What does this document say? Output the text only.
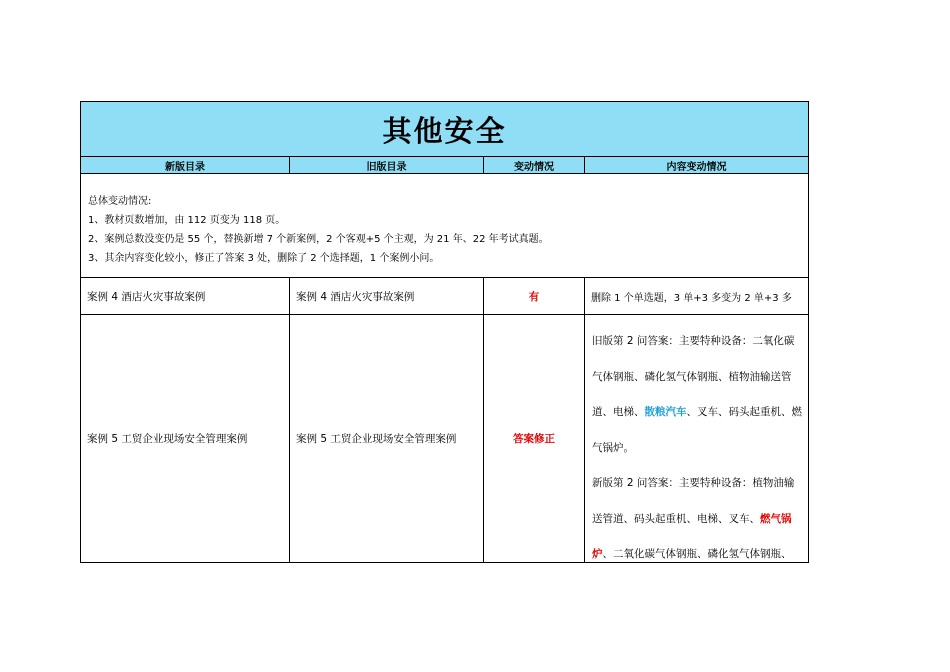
其他安全
新版目录	旧版目录	变动情况	内容变动情况
总体变动情况:
1、教材页数增加，由 112 页变为 118 页。
2、案例总数没变仍是 55 个，替换新增 7 个新案例，2 个客观+5 个主观，为 21 年、22 年考试真题。
3、其余内容变化较小，修正了答案 3 处，删除了 2 个选择题，1 个案例小问。
案例 4 酒店火灾事故案例	案例 4 酒店火灾事故案例	有	删除 1 个单选题，3 单+3 多变为 2 单+3 多
案例 5 工贸企业现场安全管理案例	案例 5 工贸企业现场安全管理案例	答案修正
旧版第 2 问答案：主要特种设备：二氧化碳气体钢瓶、磷化氢气体钢瓶、植物油输送管道、电梯、散粮汽车、叉车、码头起重机、燃气锅炉。
新版第 2 问答案：主要特种设备：植物油输送管道、码头起重机、电梯、叉车、燃气锅炉、二氧化碳气体钢瓶、磷化氢气体钢瓶、
